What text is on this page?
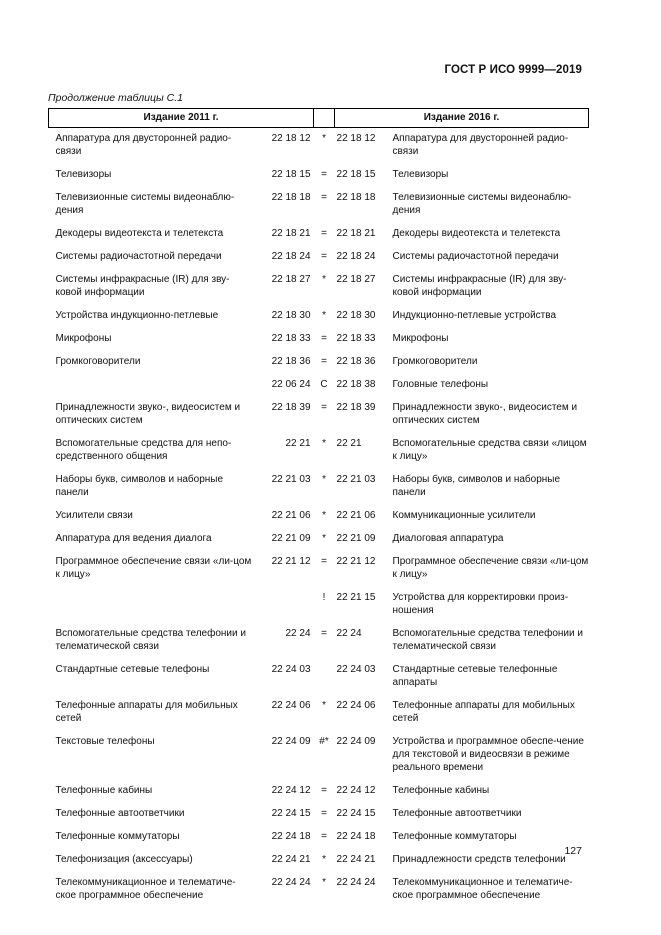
ГОСТ Р ИСО 9999—2019
Продолжение таблицы С.1
Издание 2011 г.			Издание 2016 г.	
Аппаратура для двусторонней радио-связи	22 18 12	*	22 18 12	Аппаратура для двусторонней радио-связи
Телевизоры	22 18 15	=	22 18 15	Телевизоры
Телевизионные системы видеонаблю-дения	22 18 18	=	22 18 18	Телевизионные системы видеонаблю-дения
Декодеры видеотекста и телетекста	22 18 21	=	22 18 21	Декодеры видеотекста и телетекста
Системы радиочастотной передачи	22 18 24	=	22 18 24	Системы радиочастотной передачи
Системы инфракрасные (IR) для зву-ковой информации	22 18 27	*	22 18 27	Системы инфракрасные (IR) для зву-ковой информации
Устройства индукционно-петлевые	22 18 30	*	22 18 30	Индукционно-петлевые устройства
Микрофоны	22 18 33	=	22 18 33	Микрофоны
Громкоговорители	22 18 36	=	22 18 36	Громкоговорители
	22 06 24	C	22 18 38	Головные телефоны
Принадлежности звуко-, видеосистем и оптических систем	22 18 39	=	22 18 39	Принадлежности звуко-, видеосистем и оптических систем
Вспомогательные средства для непо-средственного общения	22 21	*	22 21	Вспомогательные средства связи «лицом к лицу»
Наборы букв, символов и наборные панели	22 21 03	*	22 21 03	Наборы букв, символов и наборные панели
Усилители связи	22 21 06	*	22 21 06	Коммуникационные усилители
Аппаратура для ведения диалога	22 21 09	*	22 21 09	Диалоговая аппаратура
Программное обеспечение связи «ли-цом к лицу»	22 21 12	=	22 21 12	Программное обеспечение связи «ли-цом к лицу»
		!	22 21 15	Устройства для корректировки произ-ношения
Вспомогательные средства телефонии и телематической связи	22 24	=	22 24	Вспомогательные средства телефонии и телематической связи
Стандартные сетевые телефоны	22 24 03		22 24 03	Стандартные сетевые телефонные аппараты
Телефонные аппараты для мобильных сетей	22 24 06	*	22 24 06	Телефонные аппараты для мобильных сетей
Текстовые телефоны	22 24 09	#*	22 24 09	Устройства и программное обеспе-чение для текстовой и видеосвязи в режиме реального времени
Телефонные кабины	22 24 12	=	22 24 12	Телефонные кабины
Телефонные автоответчики	22 24 15	=	22 24 15	Телефонные автоответчики
Телефонные коммутаторы	22 24 18	=	22 24 18	Телефонные коммутаторы
Телефонизация (аксессуары)	22 24 21	*	22 24 21	Принадлежности средств телефонии
Телекоммуникационное и телематиче-ское программное обеспечение	22 24 24	*	22 24 24	Телекоммуникационное и телематиче-ское программное обеспечение
127
